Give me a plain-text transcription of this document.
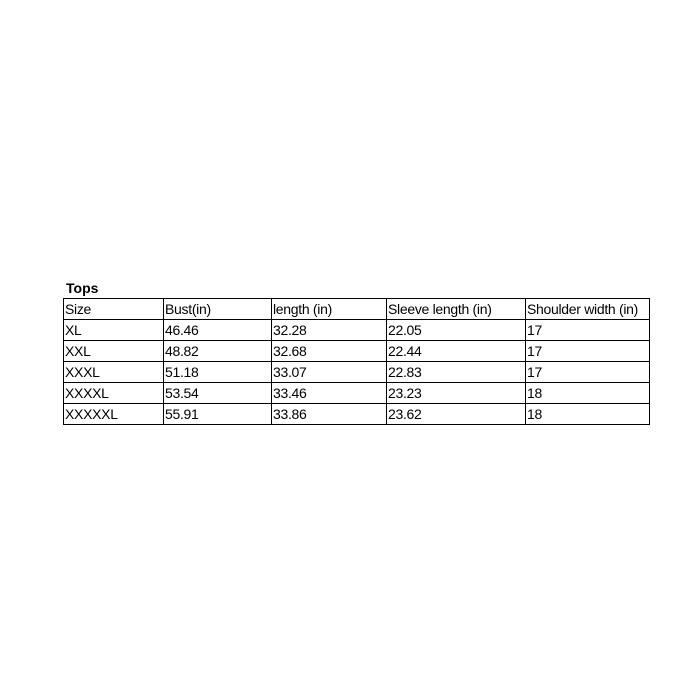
Tops
Size	Bust(in)	length (in)	Sleeve length (in)	Shoulder width (in)
XL	46.46	32.28	22.05	17
XXL	48.82	32.68	22.44	17
XXXL	51.18	33.07	22.83	17
XXXXL	53.54	33.46	23.23	18
XXXXXL	55.91	33.86	23.62	18
